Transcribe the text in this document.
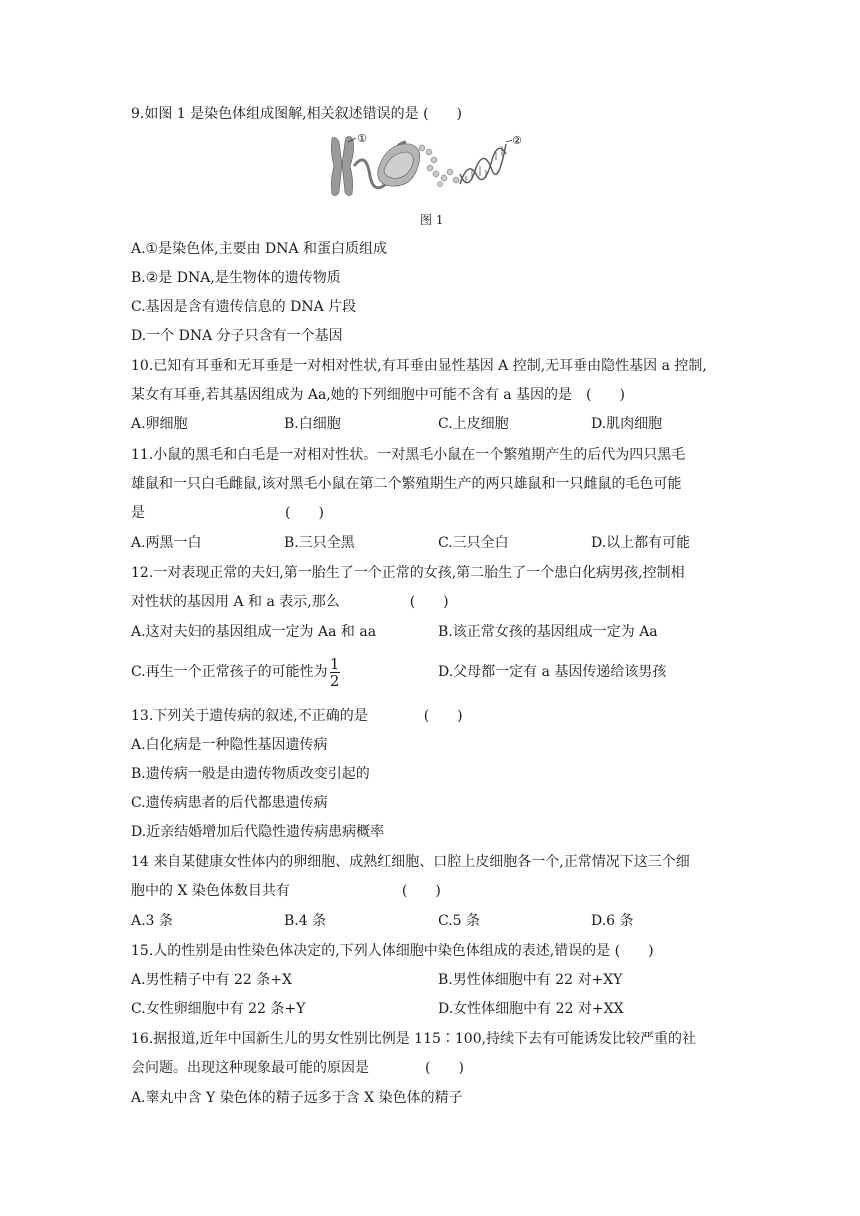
9.如图 1 是染色体组成图解,相关叙述错误的是 (　　)
①	②
图 1
A.①是染色体,主要由 DNA 和蛋白质组成
B.②是 DNA,是生物体的遗传物质
C.基因是含有遗传信息的 DNA 片段
D.一个 DNA 分子只含有一个基因
10.已知有耳垂和无耳垂是一对相对性状,有耳垂由显性基因 A 控制,无耳垂由隐性基因 a 控制,
某女有耳垂,若其基因组成为 Aa,她的下列细胞中可能不含有 a 基因的是　(　　)
A.卵细胞	B.白细胞	C.上皮细胞	D.肌肉细胞
11.小鼠的黑毛和白毛是一对相对性状。一对黑毛小鼠在一个繁殖期产生的后代为四只黑毛
雄鼠和一只白毛雌鼠,该对黑毛小鼠在第二个繁殖期生产的两只雄鼠和一只雌鼠的毛色可能
是　　　　　　　　　　(　　)
A.两黑一白	B.三只全黑	C.三只全白	D.以上都有可能
12.一对表现正常的夫妇,第一胎生了一个正常的女孩,第二胎生了一个患白化病男孩,控制相
对性状的基因用 A 和 a 表示,那么　　　　　(　　)
A.这对夫妇的基因组成一定为 Aa 和 aa	B.该正常女孩的基因组成一定为 Aa
C.再生一个正常孩子的可能性为 $\frac{1}{2}$	D.父母都一定有 a 基因传递给该男孩
13.下列关于遗传病的叙述,不正确的是　　　　(　　)
A.白化病是一种隐性基因遗传病
B.遗传病一般是由遗传物质改变引起的
C.遗传病患者的后代都患遗传病
D.近亲结婚增加后代隐性遗传病患病概率
14 来自某健康女性体内的卵细胞、成熟红细胞、口腔上皮细胞各一个,正常情况下这三个细
胞中的 X 染色体数目共有　　　　　　　　(　　)
A.3 条	B.4 条	C.5 条	D.6 条
15.人的性别是由性染色体决定的,下列人体细胞中染色体组成的表述,错误的是 (　　)
A.男性精子中有 22 条+X	B.男性体细胞中有 22 对+XY
C.女性卵细胞中有 22 条+Y	D.女性体细胞中有 22 对+XX
16.据报道,近年中国新生儿的男女性别比例是 115∶100,持续下去有可能诱发比较严重的社
会问题。出现这种现象最可能的原因是　　　　(　　)
A.睾丸中含 Y 染色体的精子远多于含 X 染色体的精子
